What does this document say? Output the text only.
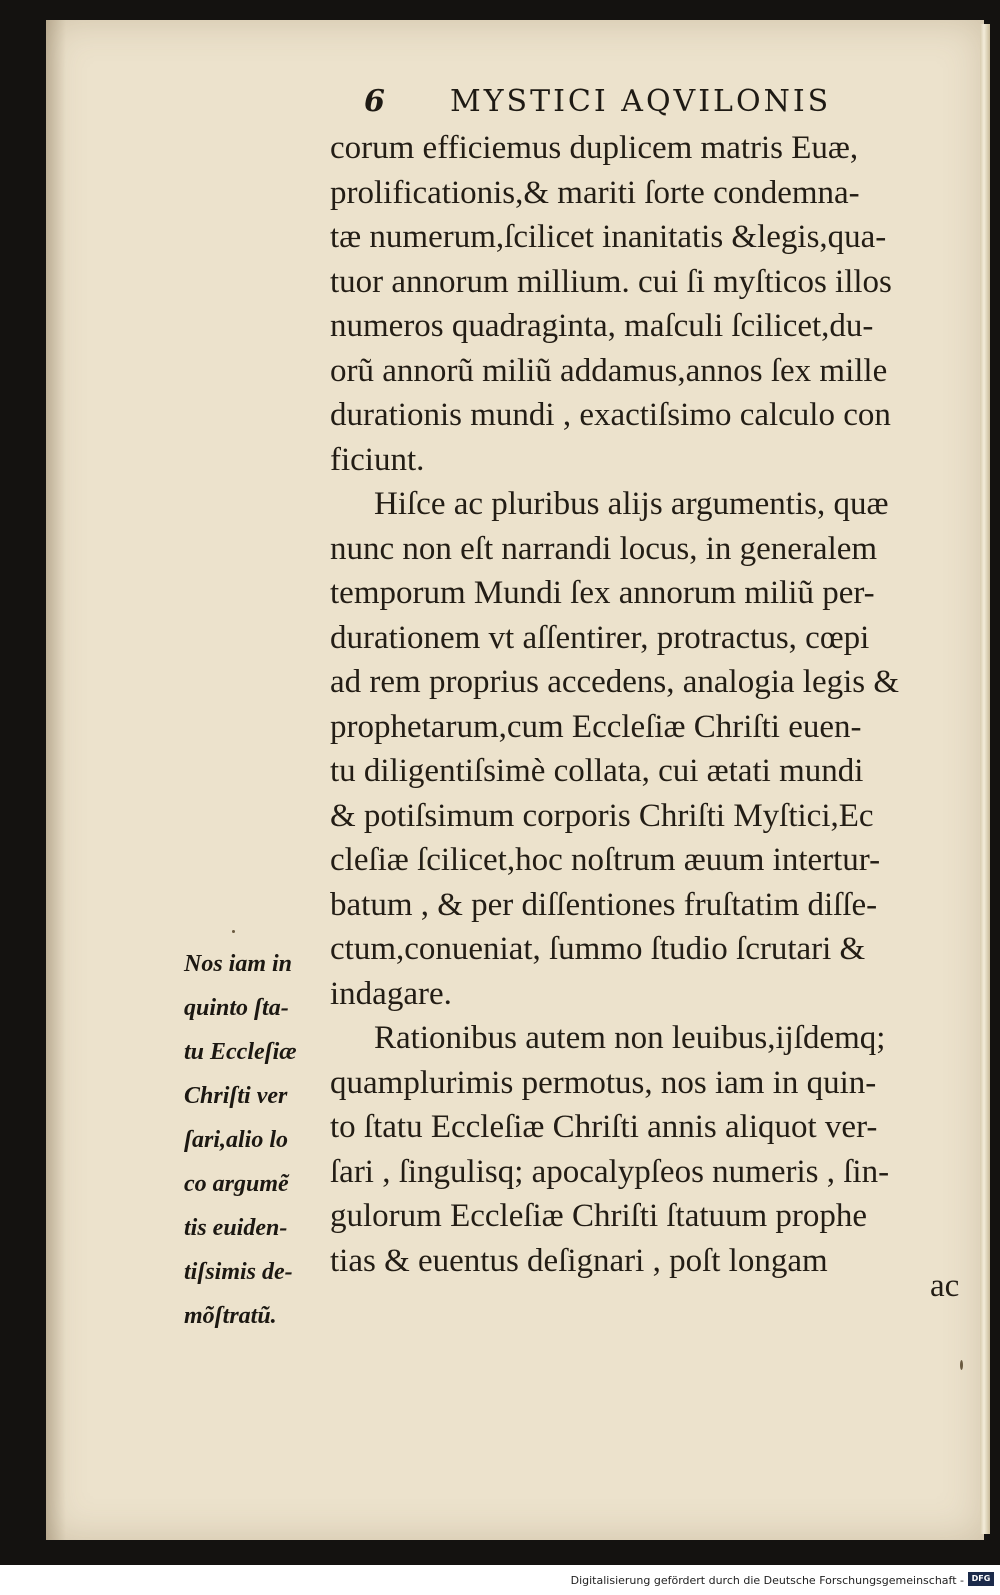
6 MYSTICI AQVILONIS
corum efficiemus duplicem matris Euæ,
prolificationis,& mariti ſorte condemna-
tæ numerum,ſcilicet inanitatis &legis,qua-
tuor annorum millium. cui ſi myſticos illos
numeros quadraginta, maſculi ſcilicet,du-
orũ annorũ miliũ addamus,annos ſex mille
durationis mundi , exactiſsimo calculo con
ficiunt.
Hiſce ac pluribus alijs argumentis, quæ
nunc non eſt narrandi locus, in generalem
temporum Mundi ſex annorum miliũ per-
durationem vt aſſentirer, protractus, cœpi
ad rem proprius accedens, analogia legis &
prophetarum,cum Eccleſiæ Chriſti euen-
tu diligentiſsimè collata, cui ætati mundi
& potiſsimum corporis Chriſti Myſtici,Ec
cleſiæ ſcilicet,hoc noſtrum æuum intertur-
batum , & per diſſentiones fruſtatim diſſe-
ctum,conueniat, ſummo ſtudio ſcrutari &
indagare.
Rationibus autem non leuibus,ijſdemq;
quamplurimis permotus, nos iam in quin-
to ſtatu Eccleſiæ Chriſti annis aliquot ver-
ſari , ſingulisq; apocalypſeos numeris , ſin-
gulorum Eccleſiæ Chriſti ſtatuum prophe
tias & euentus deſignari , poſt longam
ac
Nos iam in
quinto ſta-
tu Eccleſiæ
Chriſti ver
ſari,alio lo
co argumẽ
tis euiden-
tiſsimis de-
mõſtratũ.
Digitalisierung gefördert durch die Deutsche Forschungsgemeinschaft - DFG
